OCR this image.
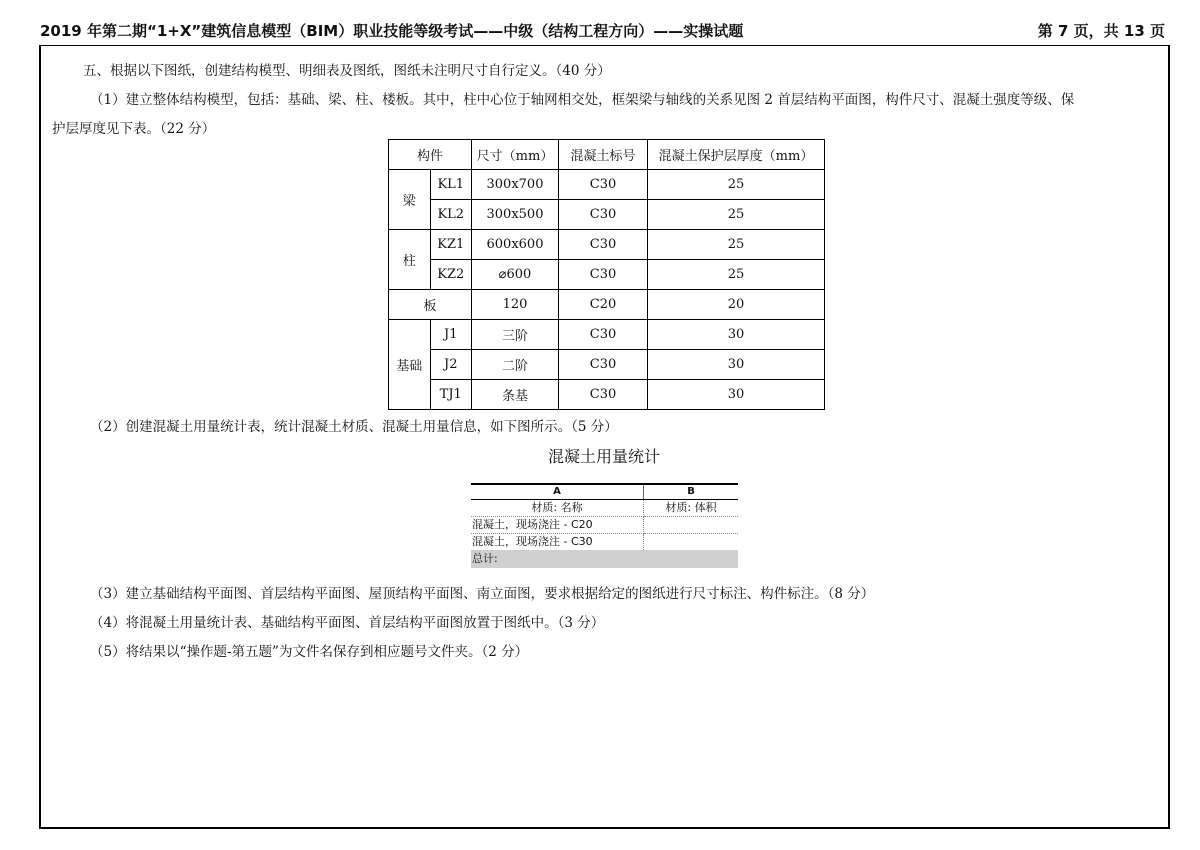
2019 年第二期“1+X”建筑信息模型（BIM）职业技能等级考试——中级（结构工程方向）——实操试题	第 7 页，共 13 页
五、根据以下图纸，创建结构模型、明细表及图纸，图纸未注明尺寸自行定义。（40 分）
（1）建立整体结构模型，包括：基础、梁、柱、楼板。其中，柱中心位于轴网相交处，框架梁与轴线的关系见图 2 首层结构平面图，构件尺寸、混凝土强度等级、保
护层厚度见下表。（22 分）
构件		尺寸（mm）	混凝土标号	混凝土保护层厚度（mm）
梁	KL1	300x700	C30	25
	KL2	300x500	C30	25
柱	KZ1	600x600	C30	25
	KZ2	⌀600	C30	25
板		120	C20	20
基础	J1	三阶	C30	30
	J2	二阶	C30	30
	TJ1	条基	C30	30
（2）创建混凝土用量统计表，统计混凝土材质、混凝土用量信息，如下图所示。（5 分）
混凝土用量统计
A	B
材质: 名称	材质: 体积
混凝土，现场浇注 - C20	
混凝土，现场浇注 - C30	
总计:	
（3）建立基础结构平面图、首层结构平面图、屋顶结构平面图、南立面图，要求根据给定的图纸进行尺寸标注、构件标注。（8 分）
（4）将混凝土用量统计表、基础结构平面图、首层结构平面图放置于图纸中。（3 分）
（5）将结果以“操作题-第五题”为文件名保存到相应题号文件夹。（2 分）
